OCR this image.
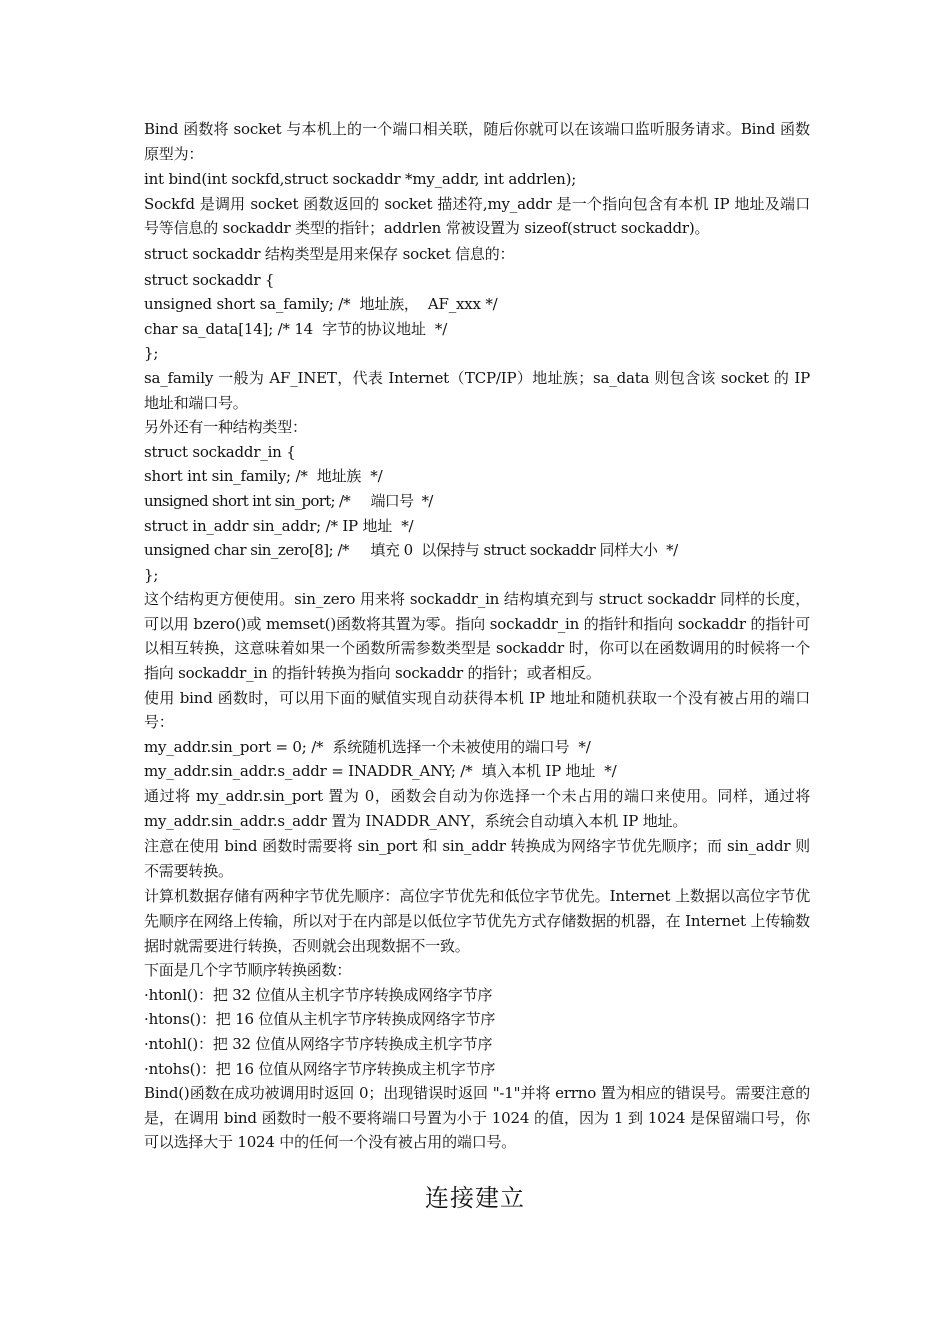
Bind 函数将 socket 与本机上的一个端口相关联，随后你就可以在该端口监听服务请求。Bind 函数原型为：

int bind(int sockfd,struct sockaddr *my_addr, int addrlen);

Sockfd 是调用 socket 函数返回的 socket 描述符,my_addr 是一个指向包含有本机 IP 地址及端口号等信息的 sockaddr 类型的指针；addrlen 常被设置为 sizeof(struct sockaddr)。

struct sockaddr 结构类型是用来保存 socket 信息的：

struct sockaddr {

unsigned short sa_family; /*  地址族，  AF_xxx */

char sa_data[14]; /* 14  字节的协议地址  */

};

sa_family 一般为 AF_INET，代表 Internet（TCP/IP）地址族；sa_data 则包含该 socket 的 IP 地址和端口号。

另外还有一种结构类型：

struct sockaddr_in {

short int sin_family; /*  地址族  */

unsigned short int sin_port; /*     端口号  */

struct in_addr sin_addr; /* IP 地址  */

unsigned char sin_zero[8]; /*     填充 0  以保持与 struct sockaddr 同样大小  */

};

这个结构更方便使用。sin_zero 用来将 sockaddr_in 结构填充到与 struct sockaddr 同样的长度，可以用 bzero()或 memset()函数将其置为零。指向 sockaddr_in 的指针和指向 sockaddr 的指针可以相互转换，这意味着如果一个函数所需参数类型是 sockaddr 时，你可以在函数调用的时候将一个指向 sockaddr_in 的指针转换为指向 sockaddr 的指针；或者相反。

使用 bind 函数时，可以用下面的赋值实现自动获得本机 IP 地址和随机获取一个没有被占用的端口号：

my_addr.sin_port = 0; /*  系统随机选择一个未被使用的端口号  */

my_addr.sin_addr.s_addr = INADDR_ANY; /*  填入本机 IP 地址  */

通过将 my_addr.sin_port 置为 0，函数会自动为你选择一个未占用的端口来使用。同样，通过将 my_addr.sin_addr.s_addr 置为 INADDR_ANY，系统会自动填入本机 IP 地址。

注意在使用 bind 函数时需要将 sin_port 和 sin_addr 转换成为网络字节优先顺序；而 sin_addr 则不需要转换。

计算机数据存储有两种字节优先顺序：高位字节优先和低位字节优先。Internet 上数据以高位字节优先顺序在网络上传输，所以对于在内部是以低位字节优先方式存储数据的机器，在 Internet 上传输数据时就需要进行转换，否则就会出现数据不一致。

下面是几个字节顺序转换函数：

·htonl()：把 32 位值从主机字节序转换成网络字节序

·htons()：把 16 位值从主机字节序转换成网络字节序

·ntohl()：把 32 位值从网络字节序转换成主机字节序

·ntohs()：把 16 位值从网络字节序转换成主机字节序

Bind()函数在成功被调用时返回 0；出现错误时返回 "-1"并将 errno 置为相应的错误号。需要注意的是，在调用 bind 函数时一般不要将端口号置为小于 1024 的值，因为 1 到 1024 是保留端口号，你可以选择大于 1024 中的任何一个没有被占用的端口号。

连接建立
